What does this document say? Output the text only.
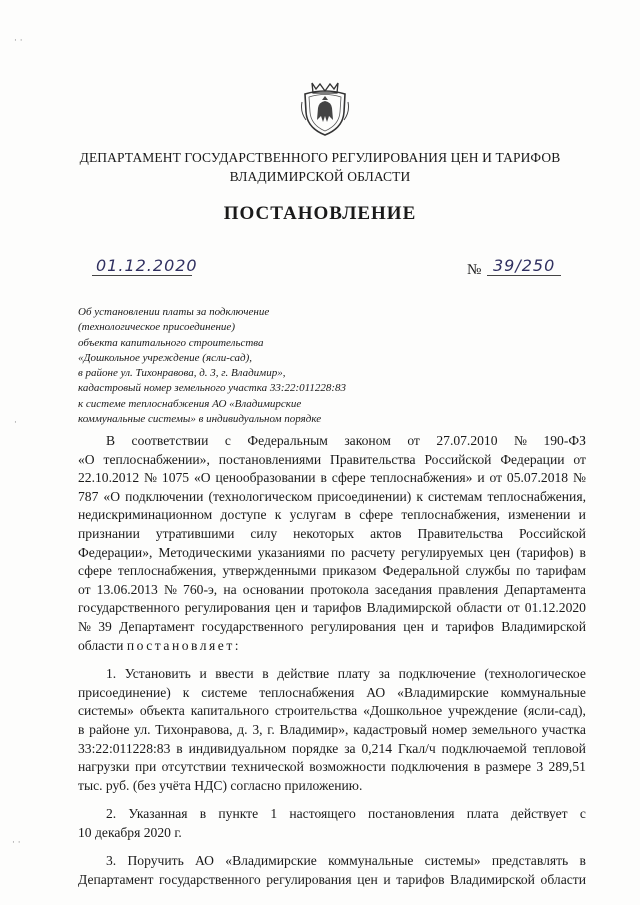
ДЕПАРТАМЕНТ ГОСУДАРСТВЕННОГО РЕГУЛИРОВАНИЯ ЦЕН И ТАРИФОВ
ВЛАДИМИРСКОЙ ОБЛАСТИ
ПОСТАНОВЛЕНИЕ
01.12.2020	№ 39/250
Об установлении платы за подключение
(технологическое присоединение)
объекта капитального строительства
«Дошкольное учреждение (ясли-сад),
в районе ул. Тихонравова, д. 3, г. Владимир»,
кадастровый номер земельного участка 33:22:011228:83
к системе теплоснабжения АО «Владимирские
коммунальные системы» в индивидуальном порядке
В соответствии с Федеральным законом от 27.07.2010 № 190-ФЗ
«О теплоснабжении», постановлениями Правительства Российской Федерации от
22.10.2012 № 1075 «О ценообразовании в сфере теплоснабжения» и от 05.07.2018 №
787 «О подключении (технологическом присоединении) к системам теплоснабжения,
недискриминационном доступе к услугам в сфере теплоснабжения, изменении и
признании утратившими силу некоторых актов Правительства Российской
Федерации», Методическими указаниями по расчету регулируемых цен (тарифов) в
сфере теплоснабжения, утвержденными приказом Федеральной службы по тарифам
от 13.06.2013 № 760-э, на основании протокола заседания правления Департамента
государственного регулирования цен и тарифов Владимирской области от 01.12.2020
№ 39 Департамент государственного регулирования цен и тарифов Владимирской
области
постановляет:
1. Установить и ввести в действие плату за подключение (технологическое
присоединение) к системе теплоснабжения АО «Владимирские коммунальные
системы» объекта капитального строительства «Дошкольное учреждение (ясли-сад),
в районе ул. Тихонравова, д. 3, г. Владимир», кадастровый номер земельного участка
33:22:011228:83 в индивидуальном порядке за 0,214 Гкал/ч подключаемой тепловой
нагрузки при отсутствии технической возможности подключения в размере 3 289,51
тыс. руб. (без учёта НДС) согласно приложению.
2. Указанная в пункте 1 настоящего постановления плата действует с
10 декабря 2020 г.
3. Поручить АО «Владимирские коммунальные системы» представлять в
Департамент государственного регулирования цен и тарифов Владимирской области
· ·
·
· ·
